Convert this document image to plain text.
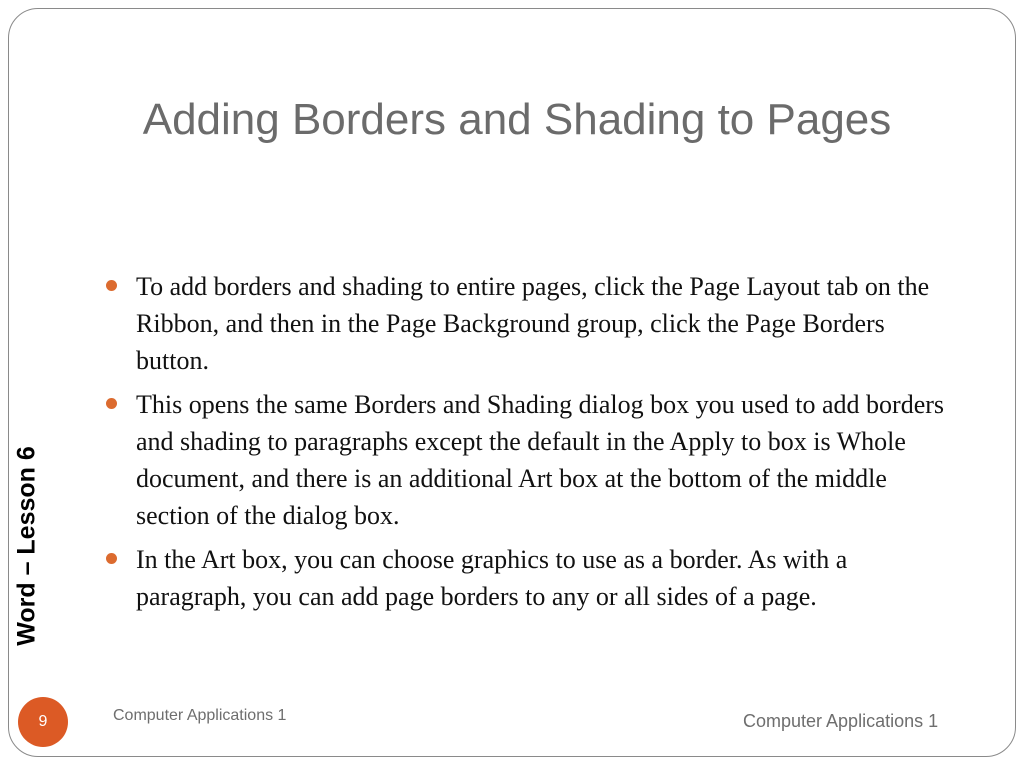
Adding Borders and Shading to Pages
Word – Lesson 6
To add borders and shading to entire pages, click the Page Layout tab on the Ribbon, and then in the Page Background group, click the Page Borders button.
This opens the same Borders and Shading dialog box you used to add borders and shading to paragraphs except the default in the Apply to box is Whole document, and there is an additional Art box at the bottom of the middle section of the dialog box.
In the Art box, you can choose graphics to use as a border. As with a paragraph, you can add page borders to any or all sides of a page.
9	Computer Applications 1	Computer Applications 1
